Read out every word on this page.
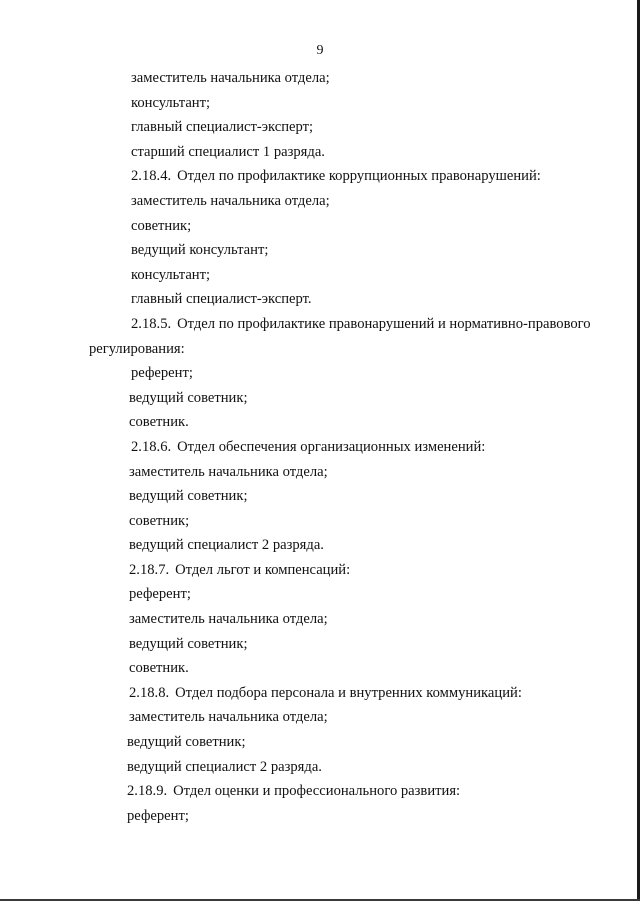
9
заместитель начальника отдела;
консультант;
главный специалист-эксперт;
старший специалист 1 разряда.
2.18.4. Отдел по профилактике коррупционных правонарушений:
заместитель начальника отдела;
советник;
ведущий консультант;
консультант;
главный специалист-эксперт.
2.18.5. Отдел по профилактике правонарушений и нормативно-правового
регулирования:
референт;
ведущий советник;
советник.
2.18.6. Отдел обеспечения организационных изменений:
заместитель начальника отдела;
ведущий советник;
советник;
ведущий специалист 2 разряда.
2.18.7. Отдел льгот и компенсаций:
референт;
заместитель начальника отдела;
ведущий советник;
советник.
2.18.8. Отдел подбора персонала и внутренних коммуникаций:
заместитель начальника отдела;
ведущий советник;
ведущий специалист 2 разряда.
2.18.9. Отдел оценки и профессионального развития:
референт;
